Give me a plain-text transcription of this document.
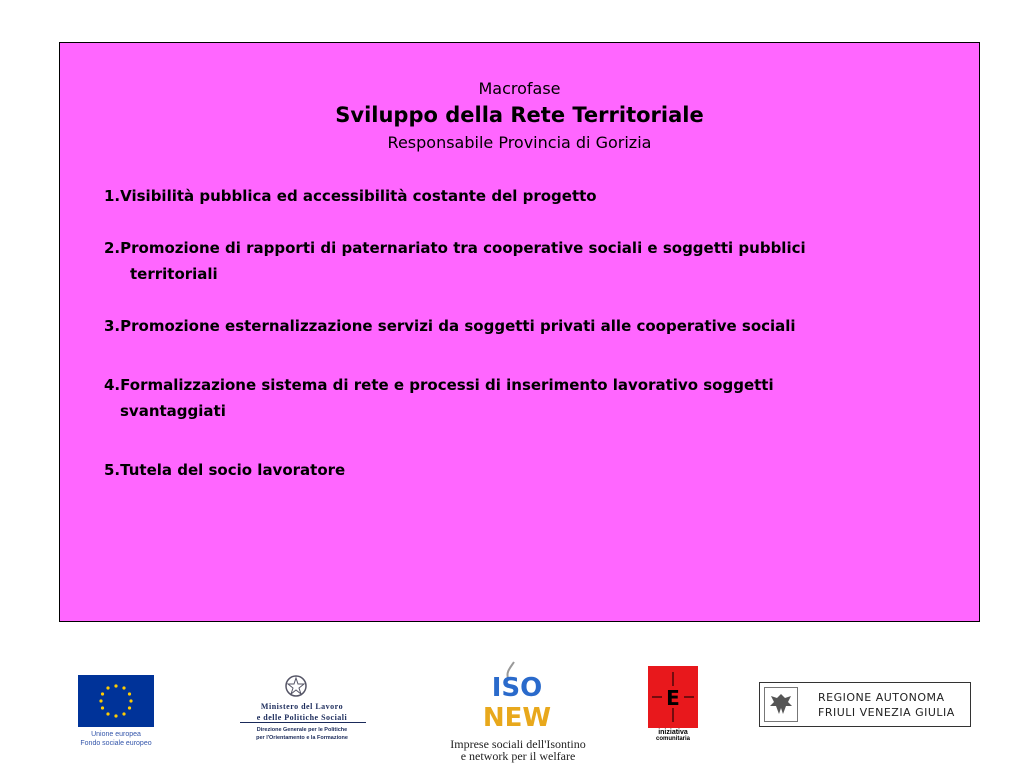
Macrofase
Sviluppo della Rete Territoriale
Responsabile Provincia di Gorizia
1.Visibilità pubblica ed accessibilità costante del progetto
2.Promozione di rapporti di paternariato tra cooperative sociali e soggetti pubblici
territoriali
3.Promozione esternalizzazione servizi da soggetti privati alle cooperative sociali
4.Formalizzazione sistema di rete e processi di inserimento lavorativo soggetti
svantaggiati
5.Tutela del socio lavoratore
Unione europea
Fondo sociale europeo
Ministero del Lavoro
e delle Politiche Sociali
Direzione Generale per le Politiche
per l'Orientamento e la Formazione
ISO
NEW
Imprese sociali dell'Isontino
e network per il welfare
E
iniziativa
comunitaria
REGIONE AUTONOMA
FRIULI VENEZIA GIULIA
